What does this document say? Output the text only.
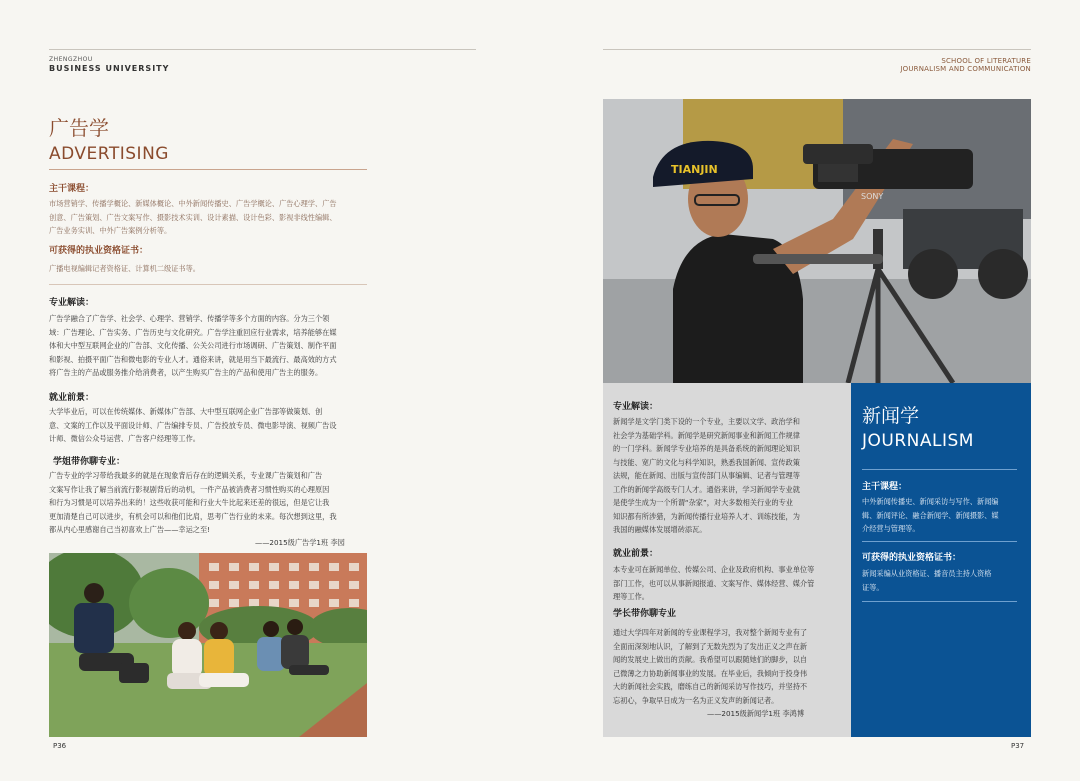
ZHENGZHOU
BUSINESS UNIVERSITY
广告学
ADVERTISING
主干课程：
市场营销学、传播学概论、新媒体概论、中外新闻传播史、广告学概论、广告心理学、广告
创意、广告策划、广告文案写作、摄影技术实训、设计素描、设计色彩、影视非线性编辑、
广告业务实训、中外广告案例分析等。
可获得的执业资格证书：
广播电视编辑记者资格证、计算机二级证书等。
专业解读：
广告学融合了广告学、社会学、心理学、营销学、传播学等多个方面的内容。分为三个领
域：广告理论、广告实务、广告历史与文化研究。广告学注重回应行业需求，培养能够在媒
体和大中型互联网企业的广告部、文化传播、公关公司进行市场调研、广告策划、制作平面
和影视、拍摄平面广告和微电影的专业人才。通俗来讲，就是用当下最流行、最高效的方式
将广告主的产品或服务推介给消费者，以产生购买广告主的产品和使用广告主的服务。
就业前景：
大学毕业后，可以在传统媒体、新媒体广告部、大中型互联网企业广告部等做策划、创
意、文案的工作以及平面设计师、广告编排专员、广告投放专员、微电影导演、视频广告设
计师、微信公众号运营、广告客户经理等工作。
学姐带你聊专业：
广告专业的学习带给我最多的就是在现象背后存在的逻辑关系，专业课广告策划和广告
文案写作让我了解当前流行影视剧背后的动机，一件产品被消费者习惯性购买的心理原因
和行为习惯是可以培养出来的！这些收获可能和行业大牛比起来还差的很远，但是它让我
更加清楚自己可以进步，有机会可以和他们比肩，思考广告行业的未来。每次想到这里，我
都从内心里感谢自己当初喜欢上广告——幸运之至!
——2015级广告学1班 李园
P36
SCHOOL OF LITERATURE
JOURNALISM AND COMMUNICATION
TIANJIN
SONY
专业解读：
新闻学是文学门类下设的一个专业，主要以文学、政治学和
社会学为基础学科。新闻学是研究新闻事业和新闻工作规律
的一门学科。新闻学专业培养的是具备系统的新闻理论知识
与技能、宽广的文化与科学知识，熟悉我国新闻、宣传政策
法规，能在新闻、出版与宣传部门从事编辑、记者与管理等
工作的新闻学高级专门人才。通俗来讲，学习新闻学专业就
是使学生成为一个所谓“杂家”，对大多数相关行业的专业
知识都有所涉猎，为新闻传播行业培养人才、训练技能，为
我国的融媒体发展增砖添瓦。
就业前景：
本专业可在新闻单位、传媒公司、企业及政府机构、事业单位等
部门工作，也可以从事新闻报道、文案写作、媒体经营、媒介管
理等工作。
学长带你聊专业
通过大学四年对新闻的专业课程学习，我对整个新闻专业有了
全面而深刻地认识，了解到了无数先烈为了发出正义之声在新
闻的发展史上做出的贡献。我希望可以跟随她们的脚步，以自
己微薄之力协助新闻事业的发展。在毕业后，我倾向于投身伟
大的新闻社会实践，磨练自己的新闻采访写作技巧，并坚持不
忘初心，争取早日成为一名为正义发声的新闻记者。
——2015级新闻学1班 李鸿博
新闻学
JOURNALISM
主干课程：
中外新闻传播史、新闻采访与写作、新闻编
辑、新闻评论、融合新闻学、新闻摄影、媒
介经营与管理等。
可获得的执业资格证书：
新闻采编从业资格证、播音员主持人资格
证等。
P37
